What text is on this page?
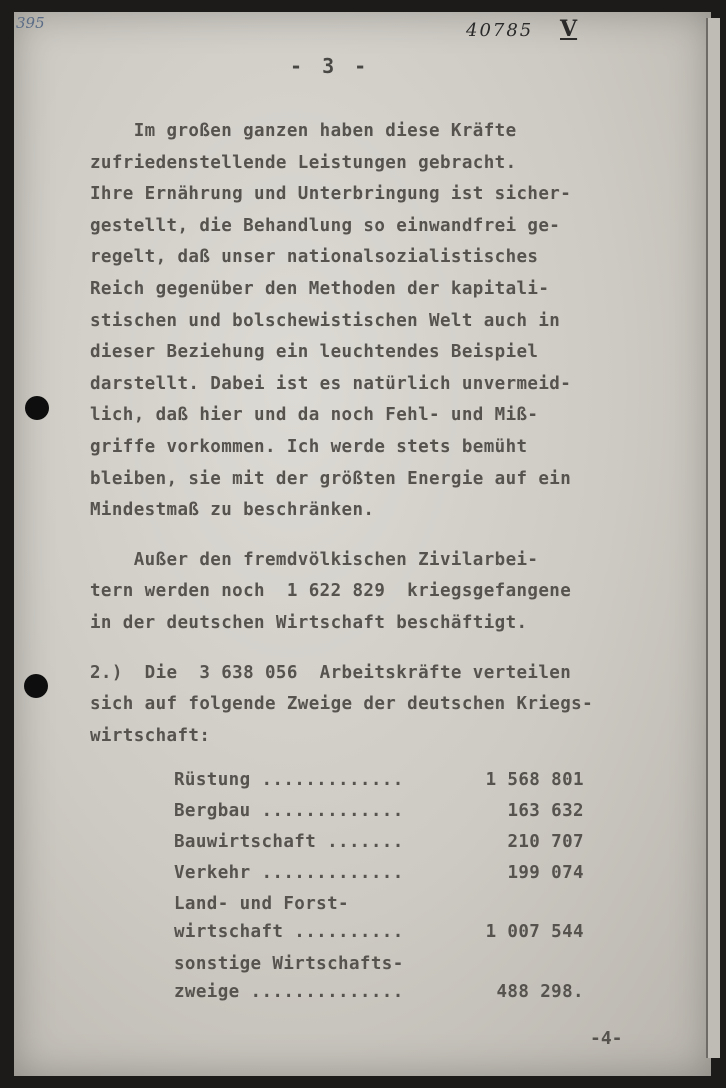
395	40785 V
- 3 -
Im großen ganzen haben diese Kräfte
zufriedenstellende Leistungen gebracht.
Ihre Ernährung und Unterbringung ist sicher-
gestellt, die Behandlung so einwandfrei ge-
regelt, daß unser nationalsozialistisches
Reich gegenüber den Methoden der kapitali-
stischen und bolschewistischen Welt auch in
dieser Beziehung ein leuchtendes Beispiel
darstellt. Dabei ist es natürlich unvermeid-
lich, daß hier und da noch Fehl- und Miß-
griffe vorkommen. Ich werde stets bemüht
bleiben, sie mit der größten Energie auf ein
Mindestmaß zu beschränken.
Außer den fremdvölkischen Zivilarbei-
tern werden noch  1 622 829  kriegsgefangene
in der deutschen Wirtschaft beschäftigt.
2.)  Die  3 638 056  Arbeitskräfte verteilen
sich auf folgende Zweige der deutschen Kriegs-
wirtschaft:
Rüstung .............	1 568 801
Bergbau .............	163 632
Bauwirtschaft .......	210 707
Verkehr .............	199 074
Land- und Forst-
wirtschaft ..........	1 007 544
sonstige Wirtschafts-
zweige ..............	488 298.
-4-
